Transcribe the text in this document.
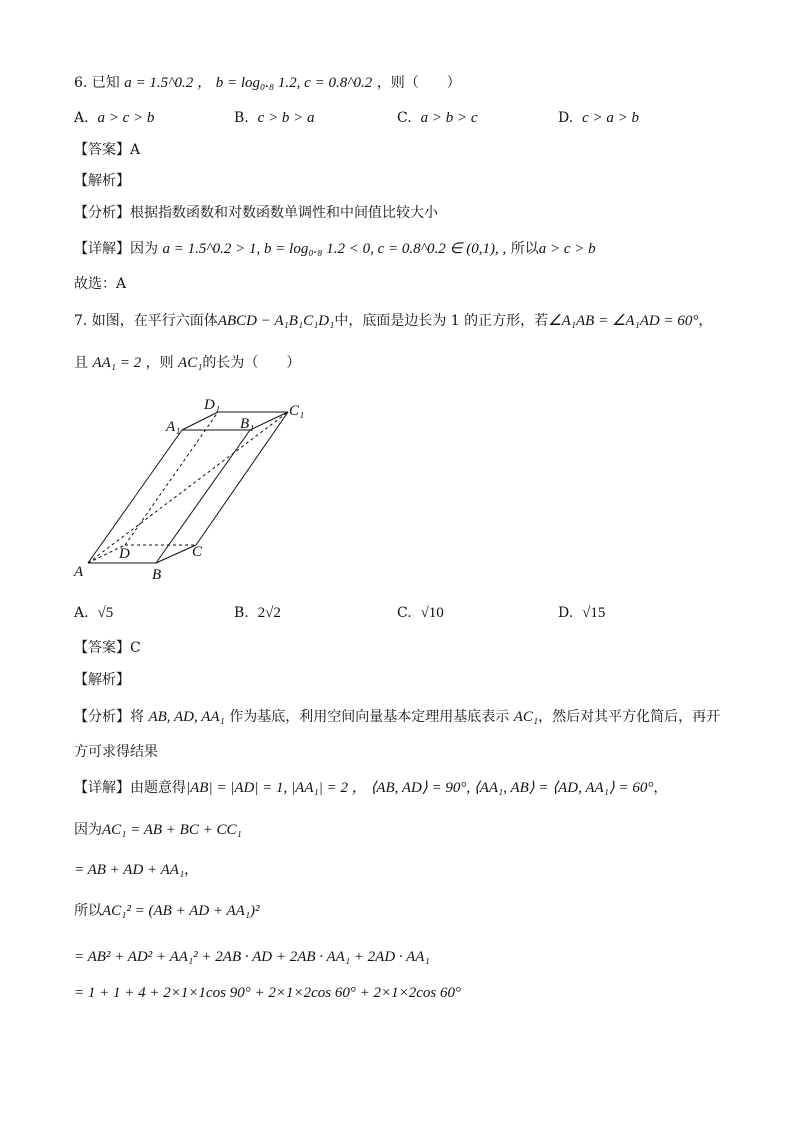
6. 已知 a = 1.5^0.2 ， b = log₀.₈ 1.2, c = 0.8^0.2 ，则（　　）
A. a > c > b	B. c > b > a	C. a > b > c	D. c > a > b
【答案】A
【解析】
【分析】根据指数函数和对数函数单调性和中间值比较大小
【详解】因为 a = 1.5^0.2 > 1, b = log₀.₈ 1.2 < 0, c = 0.8^0.2 ∈ (0,1), , 所以a > c > b
故选：A
7. 如图，在平行六面体ABCD − A₁B₁C₁D₁中，底面是边长为 1 的正方形，若∠A₁AB = ∠A₁AD = 60°，
且 AA₁ = 2 ，则 AC₁的长为（　　）
A	B
C
D
A₁	B₁
C₁
D₁
A. √5	B. 2√2	C. √10	D. √15
【答案】C
【解析】
【分析】将 AB, AD, AA₁ 作为基底，利用空间向量基本定理用基底表示 AC₁，然后对其平方化简后，再开
方可求得结果
【详解】由题意得|AB| = |AD| = 1, |AA₁| = 2 ， ⟨AB, AD⟩ = 90°, ⟨AA₁, AB⟩ = ⟨AD, AA₁⟩ = 60°，
因为AC₁ = AB + BC + CC₁
= AB + AD + AA₁，
所以AC₁² = (AB + AD + AA₁)²
= AB² + AD² + AA₁² + 2AB · AD + 2AB · AA₁ + 2AD · AA₁
= 1 + 1 + 4 + 2×1×1cos 90° + 2×1×2cos 60° + 2×1×2cos 60°
